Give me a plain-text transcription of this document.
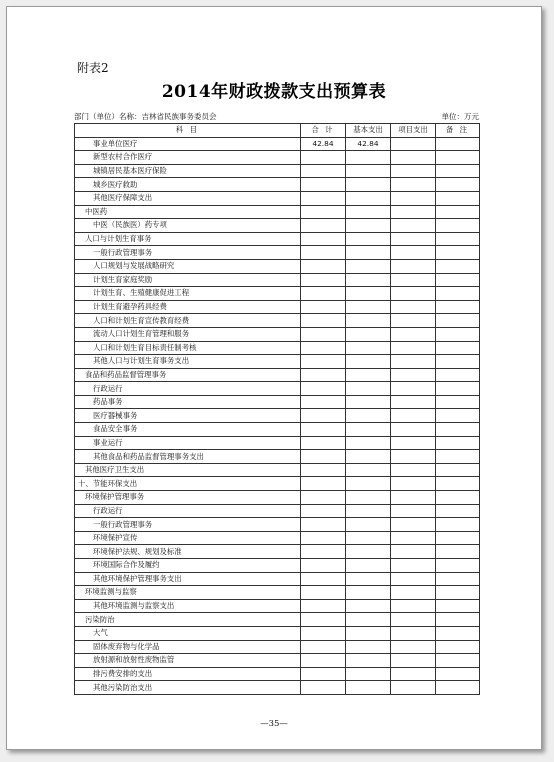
附表2
2014年财政拨款支出预算表
部门（单位）名称：吉林省民族事务委员会	单位：万元
科 目	合 计	基本支出	项目支出	备 注
事业单位医疗	42.84	42.84		
新型农村合作医疗				
城镇居民基本医疗保险				
城乡医疗救助				
其他医疗保障支出				
中医药				
中医（民族医）药专项				
人口与计划生育事务				
一般行政管理事务				
人口规划与发展战略研究				
计划生育家庭奖励				
计划生育、生殖健康促进工程				
计划生育避孕药具经费				
人口和计划生育宣传教育经费				
流动人口计划生育管理和服务				
人口和计划生育目标责任制考核				
其他人口与计划生育事务支出				
食品和药品监督管理事务				
行政运行				
药品事务				
医疗器械事务				
食品安全事务				
事业运行				
其他食品和药品监督管理事务支出				
其他医疗卫生支出				
十、节能环保支出				
环境保护管理事务				
行政运行				
一般行政管理事务				
环境保护宣传				
环境保护法规、规划及标准				
环境国际合作及履约				
其他环境保护管理事务支出				
环境监测与监察				
其他环境监测与监察支出				
污染防治				
大气				
固体废弃物与化学品				
放射源和放射性废物监管				
排污费安排的支出				
其他污染防治支出				
—35—
